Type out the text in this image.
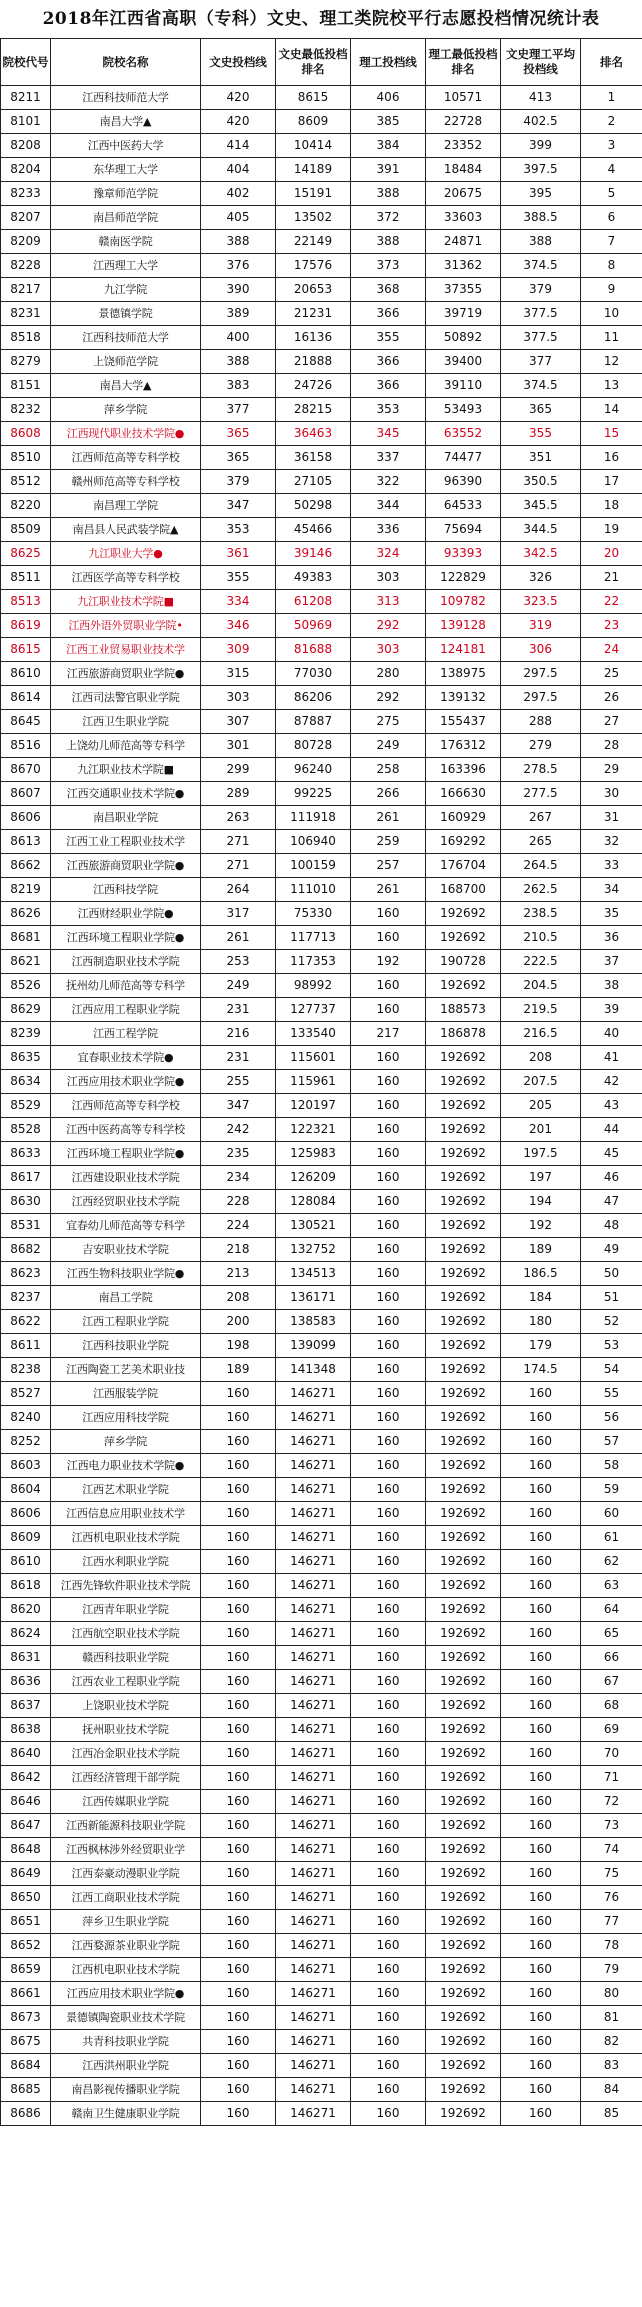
2018年江西省高职（专科）文史、理工类院校平行志愿投档情况统计表
院校代号	院校名称	文史投档线	文史最低投档排名	理工投档线	理工最低投档排名	文史理工平均投档线	排名
8211	江西科技师范大学	420	8615	406	10571	413	1
8101	南昌大学▲	420	8609	385	22728	402.5	2
8208	江西中医药大学	414	10414	384	23352	399	3
8204	东华理工大学	404	14189	391	18484	397.5	4
8233	豫章师范学院	402	15191	388	20675	395	5
8207	南昌师范学院	405	13502	372	33603	388.5	6
8209	赣南医学院	388	22149	388	24871	388	7
8228	江西理工大学	376	17576	373	31362	374.5	8
8217	九江学院	390	20653	368	37355	379	9
8231	景德镇学院	389	21231	366	39719	377.5	10
8518	江西科技师范大学	400	16136	355	50892	377.5	11
8279	上饶师范学院	388	21888	366	39400	377	12
8151	南昌大学▲	383	24726	366	39110	374.5	13
8232	萍乡学院	377	28215	353	53493	365	14
8608	江西现代职业技术学院●	365	36463	345	63552	355	15
8510	江西师范高等专科学校	365	36158	337	74477	351	16
8512	赣州师范高等专科学校	379	27105	322	96390	350.5	17
8220	南昌理工学院	347	50298	344	64533	345.5	18
8509	南昌县人民武装学院▲	353	45466	336	75694	344.5	19
8625	九江职业大学●	361	39146	324	93393	342.5	20
8511	江西医学高等专科学校	355	49383	303	122829	326	21
8513	九江职业技术学院■	334	61208	313	109782	323.5	22
8619	江西外语外贸职业学院•	346	50969	292	139128	319	23
8615	江西工业贸易职业技术学	309	81688	303	124181	306	24
8610	江西旅游商贸职业学院●	315	77030	280	138975	297.5	25
8614	江西司法警官职业学院	303	86206	292	139132	297.5	26
8645	江西卫生职业学院	307	87887	275	155437	288	27
8516	上饶幼儿师范高等专科学	301	80728	249	176312	279	28
8670	九江职业技术学院■	299	96240	258	163396	278.5	29
8607	江西交通职业技术学院●	289	99225	266	166630	277.5	30
8606	南昌职业学院	263	111918	261	160929	267	31
8613	江西工业工程职业技术学	271	106940	259	169292	265	32
8662	江西旅游商贸职业学院●	271	100159	257	176704	264.5	33
8219	江西科技学院	264	111010	261	168700	262.5	34
8626	江西财经职业学院●	317	75330	160	192692	238.5	35
8681	江西环境工程职业学院●	261	117713	160	192692	210.5	36
8621	江西制造职业技术学院	253	117353	192	190728	222.5	37
8526	抚州幼儿师范高等专科学	249	98992	160	192692	204.5	38
8629	江西应用工程职业学院	231	127737	160	188573	219.5	39
8239	江西工程学院	216	133540	217	186878	216.5	40
8635	宜春职业技术学院●	231	115601	160	192692	208	41
8634	江西应用技术职业学院●	255	115961	160	192692	207.5	42
8529	江西师范高等专科学校	347	120197	160	192692	205	43
8528	江西中医药高等专科学校	242	122321	160	192692	201	44
8633	江西环境工程职业学院●	235	125983	160	192692	197.5	45
8617	江西建设职业技术学院	234	126209	160	192692	197	46
8630	江西经贸职业技术学院	228	128084	160	192692	194	47
8531	宜春幼儿师范高等专科学	224	130521	160	192692	192	48
8682	吉安职业技术学院	218	132752	160	192692	189	49
8623	江西生物科技职业学院●	213	134513	160	192692	186.5	50
8237	南昌工学院	208	136171	160	192692	184	51
8622	江西工程职业学院	200	138583	160	192692	180	52
8611	江西科技职业学院	198	139099	160	192692	179	53
8238	江西陶瓷工艺美术职业技	189	141348	160	192692	174.5	54
8527	江西服装学院	160	146271	160	192692	160	55
8240	江西应用科技学院	160	146271	160	192692	160	56
8252	萍乡学院	160	146271	160	192692	160	57
8603	江西电力职业技术学院●	160	146271	160	192692	160	58
8604	江西艺术职业学院	160	146271	160	192692	160	59
8606	江西信息应用职业技术学	160	146271	160	192692	160	60
8609	江西机电职业技术学院	160	146271	160	192692	160	61
8610	江西水利职业学院	160	146271	160	192692	160	62
8618	江西先锋软件职业技术学院	160	146271	160	192692	160	63
8620	江西青年职业学院	160	146271	160	192692	160	64
8624	江西航空职业技术学院	160	146271	160	192692	160	65
8631	赣西科技职业学院	160	146271	160	192692	160	66
8636	江西农业工程职业学院	160	146271	160	192692	160	67
8637	上饶职业技术学院	160	146271	160	192692	160	68
8638	抚州职业技术学院	160	146271	160	192692	160	69
8640	江西冶金职业技术学院	160	146271	160	192692	160	70
8642	江西经济管理干部学院	160	146271	160	192692	160	71
8646	江西传媒职业学院	160	146271	160	192692	160	72
8647	江西新能源科技职业学院	160	146271	160	192692	160	73
8648	江西枫林涉外经贸职业学	160	146271	160	192692	160	74
8649	江西泰豪动漫职业学院	160	146271	160	192692	160	75
8650	江西工商职业技术学院	160	146271	160	192692	160	76
8651	萍乡卫生职业学院	160	146271	160	192692	160	77
8652	江西婺源茶业职业学院	160	146271	160	192692	160	78
8659	江西机电职业技术学院	160	146271	160	192692	160	79
8661	江西应用技术职业学院●	160	146271	160	192692	160	80
8673	景德镇陶瓷职业技术学院	160	146271	160	192692	160	81
8675	共青科技职业学院	160	146271	160	192692	160	82
8684	江西洪州职业学院	160	146271	160	192692	160	83
8685	南昌影视传播职业学院	160	146271	160	192692	160	84
8686	赣南卫生健康职业学院	160	146271	160	192692	160	85
